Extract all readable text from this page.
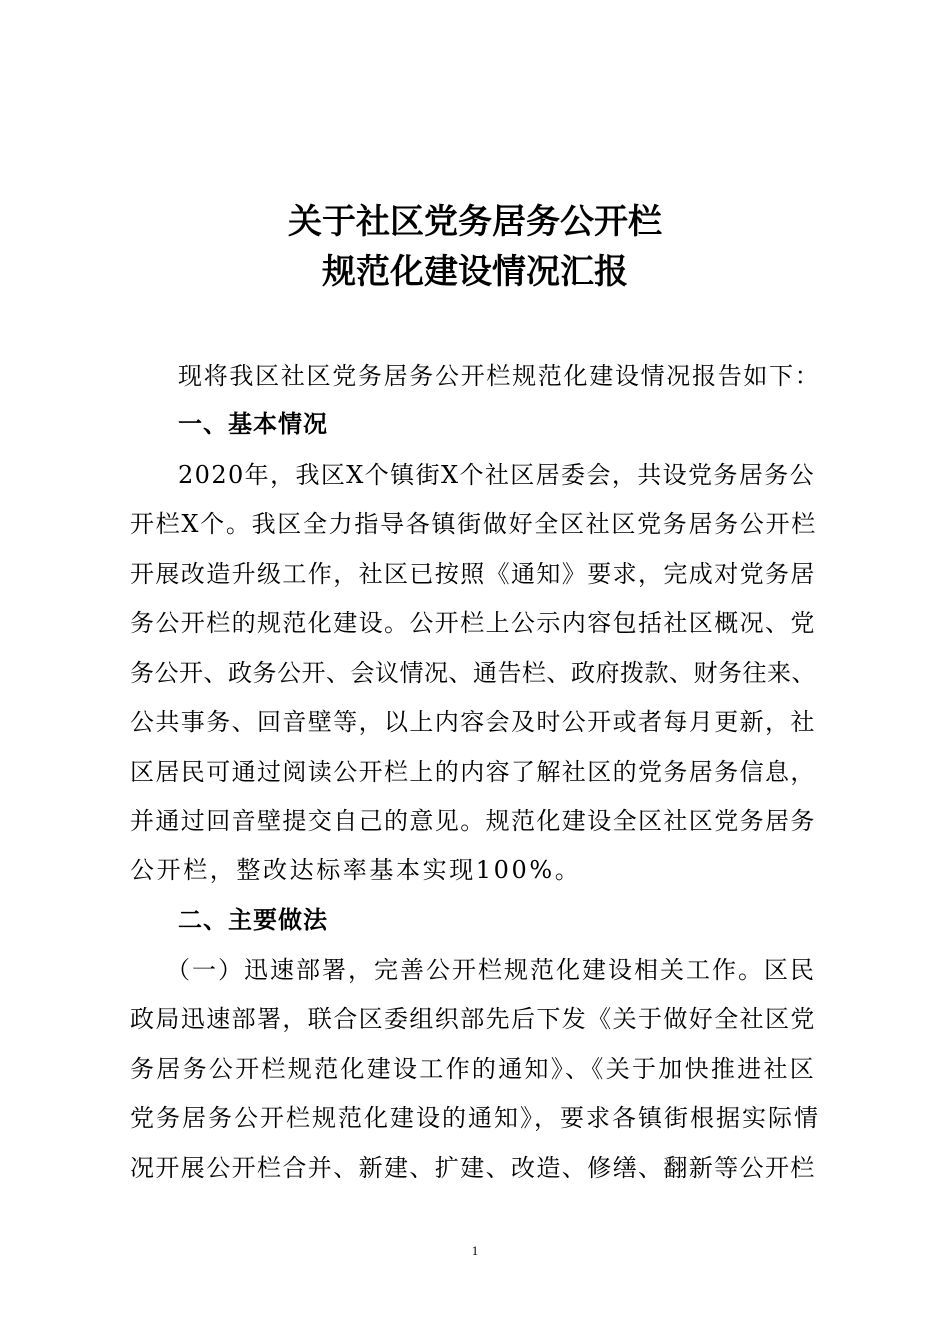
关于社区党务居务公开栏
规范化建设情况汇报
现将我区社区党务居务公开栏规范化建设情况报告如下：
一、基本情况
2020年，我区X个镇街X个社区居委会，共设党务居务公
开栏X个。我区全力指导各镇街做好全区社区党务居务公开栏
开展改造升级工作，社区已按照《通知》要求，完成对党务居
务公开栏的规范化建设。公开栏上公示内容包括社区概况、党
务公开、政务公开、会议情况、通告栏、政府拨款、财务往来、
公共事务、回音壁等，以上内容会及时公开或者每月更新，社
区居民可通过阅读公开栏上的内容了解社区的党务居务信息，
并通过回音壁提交自己的意见。规范化建设全区社区党务居务
公开栏，整改达标率基本实现100%。
二、主要做法
（一）迅速部署，完善公开栏规范化建设相关工作。区民
政局迅速部署，联合区委组织部先后下发《关于做好全社区党
务居务公开栏规范化建设工作的通知》、《关于加快推进社区
党务居务公开栏规范化建设的通知》，要求各镇街根据实际情
况开展公开栏合并、新建、扩建、改造、修缮、翻新等公开栏
1
